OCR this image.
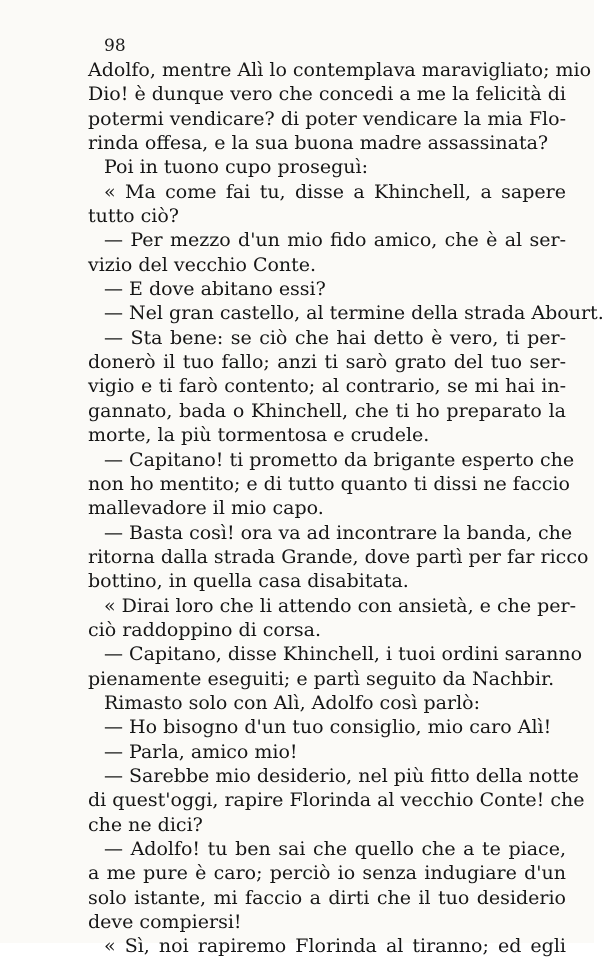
98
Adolfo, mentre Alì lo contemplava maravigliato; mio
Dio! è dunque vero che concedi a me la felicità di
potermi vendicare? di poter vendicare la mia Flo-
rinda offesa, e la sua buona madre assassinata?
Poi in tuono cupo proseguì:
« Ma come fai tu, disse a Khinchell, a sapere
tutto ciò?
— Per mezzo d'un mio fido amico, che è al ser-
vizio del vecchio Conte.
— E dove abitano essi?
— Nel gran castello, al termine della strada Abourt.
— Sta bene: se ciò che hai detto è vero, ti per-
donerò il tuo fallo; anzi ti sarò grato del tuo ser-
vigio e ti farò contento; al contrario, se mi hai in-
gannato, bada o Khinchell, che ti ho preparato la
morte, la più tormentosa e crudele.
— Capitano! ti prometto da brigante esperto che
non ho mentito; e di tutto quanto ti dissi ne faccio
mallevadore il mio capo.
— Basta così! ora va ad incontrare la banda, che
ritorna dalla strada Grande, dove partì per far ricco
bottino, in quella casa disabitata.
« Dirai loro che li attendo con ansietà, e che per-
ciò raddoppino di corsa.
— Capitano, disse Khinchell, i tuoi ordini saranno
pienamente eseguiti; e partì seguito da Nachbir.
Rimasto solo con Alì, Adolfo così parlò:
— Ho bisogno d'un tuo consiglio, mio caro Alì!
— Parla, amico mio!
— Sarebbe mio desiderio, nel più fitto della notte
di quest'oggi, rapire Florinda al vecchio Conte! che
che ne dici?
— Adolfo! tu ben sai che quello che a te piace,
a me pure è caro; perciò io senza indugiare d'un
solo istante, mi faccio a dirti che il tuo desiderio
deve compiersi!
« Sì, noi rapiremo Florinda al tiranno; ed egli
